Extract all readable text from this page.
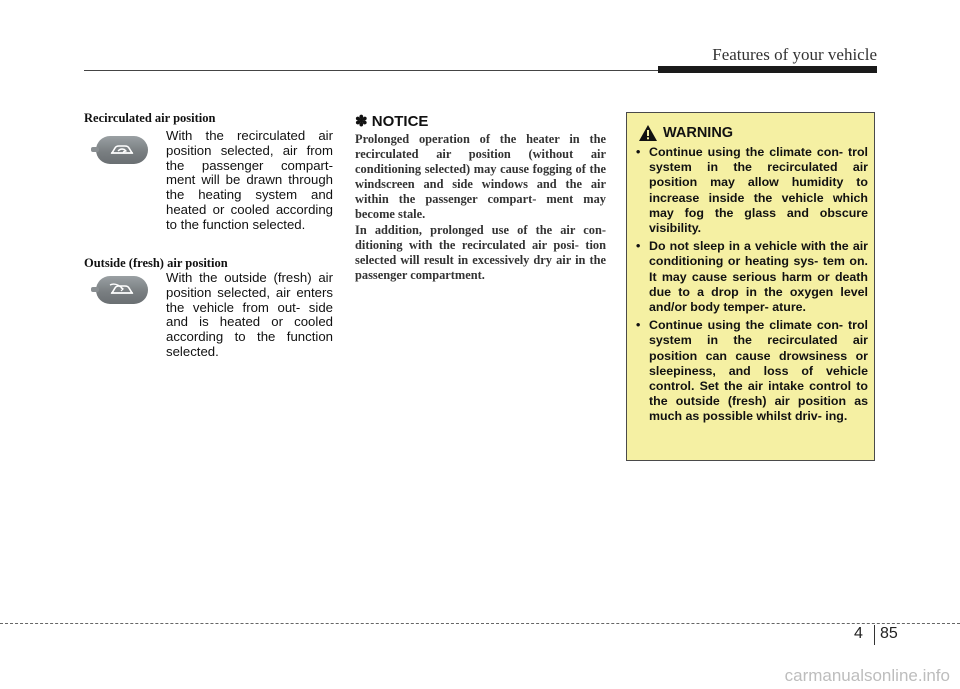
Features of your vehicle
Recirculated air position
With the recirculated air position selected, air from the passenger compart- ment will be drawn through the heating system and heated or cooled according to the function selected.
Outside (fresh) air position
With the outside (fresh) air position selected, air enters the vehicle from out- side and is heated or cooled according to the function selected.
✽ NOTICE

Prolonged operation of the heater in the recirculated air position (without air conditioning selected) may cause fogging of the windscreen and side windows and the air within the passenger compart- ment may become stale.

In addition, prolonged use of the air con- ditioning with the recirculated air posi- tion selected will result in excessively dry air in the passenger compartment.

WARNING
• Continue using the climate con- trol system in the recirculated air position may allow humidity to increase inside the vehicle which may fog the glass and obscure visibility.
• Do not sleep in a vehicle with the air conditioning or heating sys- tem on. It may cause serious harm or death due to a drop in the oxygen level and/or body temper- ature.
• Continue using the climate con- trol system in the recirculated air position can cause drowsiness or sleepiness, and loss of vehicle control. Set the air intake control to the outside (fresh) air position as much as possible whilst driv- ing.
4 85
carmanualsonline.info
